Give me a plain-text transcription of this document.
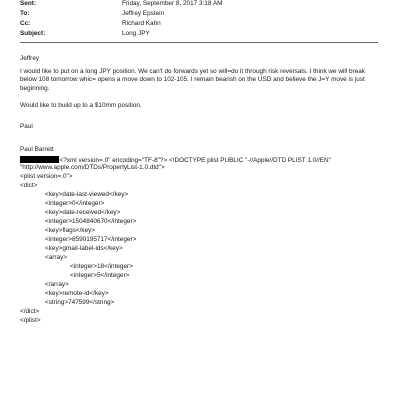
Sent:	Friday, September 8, 2017 3:18 AM
To:	Jeffrey Epstein
Cc:	Richard Kahn
Subject:	Long JPY
Jeffrey
I would like to put on a long JPY position. We can't do forwards yet so will=do it through risk reversals. I think we will break below 108 tomorrow whic= opens a move down to 102-105. I remain bearish on the USD and believe the J=Y move is just beginning.
Would like to build up to a $10mm position.
Paul
Paul Barrett
<?xml version=.0" encoding="TF-8"?> <!DOCTYPE plist PUBLIC "-//Apple//DTD PLIST 1.0//EN"
"http://www.apple.com/DTDs/PropertyList-1.0.dtd">
<plist version=.0">
<dict>
<key>date-last-viewed</key>
<integer>0</integer>
<key>date-received</key>
<integer>1504840670</integer>
<key>flags</key>
<integer>8590195717</integer>
<key>gmail-label-ids</key>
<array>
<integer>18</integer>
<integer>5</integer>
</array>
<key>remote-id</key>
<string>747599</string>
</dict>
</plist>
